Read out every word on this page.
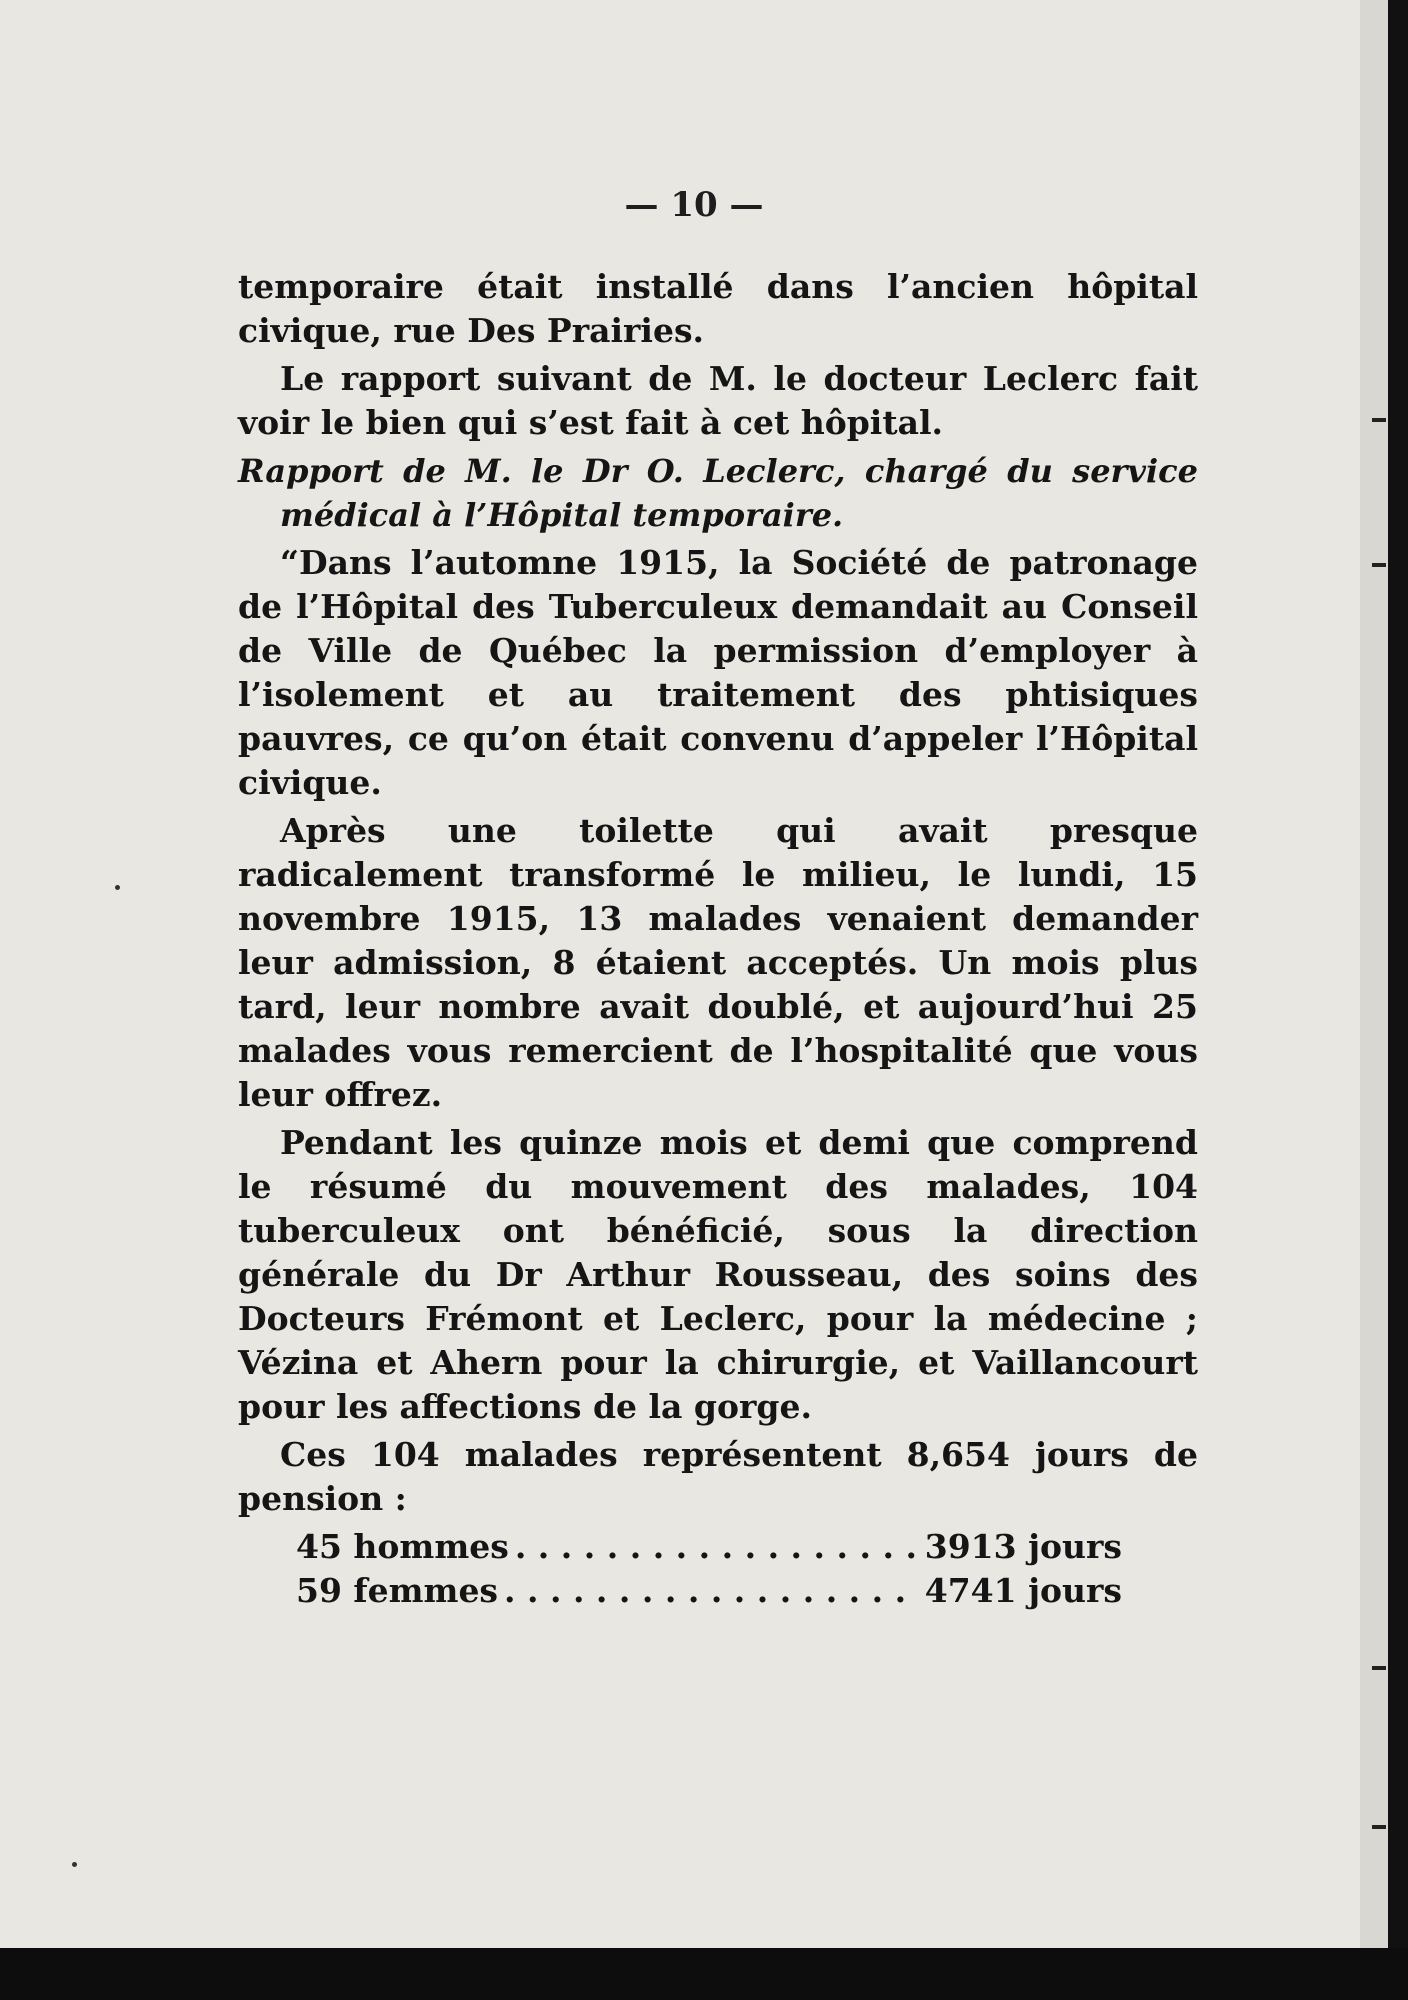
— 10 —

temporaire était installé dans l’ancien hôpital civique, rue Des Prairies.

Le rapport suivant de M. le docteur Leclerc fait voir le bien qui s’est fait à cet hôpital.

Rapport de M. le Dr O. Leclerc, chargé du service médical à l’Hôpital temporaire.

“Dans l’automne 1915, la Société de patronage de l’Hôpital des Tuberculeux demandait au Conseil de Ville de Québec la permission d’employer à l’isolement et au traitement des phtisiques pauvres, ce qu’on était convenu d’appeler l’Hôpital civique.

Après une toilette qui avait presque radicalement transformé le milieu, le lundi, 15 novembre 1915, 13 malades venaient demander leur admission, 8 étaient acceptés. Un mois plus tard, leur nombre avait doublé, et aujourd’hui 25 malades vous remercient de l’hospitalité que vous leur offrez.

Pendant les quinze mois et demi que comprend le résumé du mouvement des malades, 104 tuberculeux ont bénéficié, sous la direction générale du Dr Arthur Rousseau, des soins des Docteurs Frémont et Leclerc, pour la médecine ; Vézina et Ahern pour la chirurgie, et Vaillancourt pour les affections de la gorge.

Ces 104 malades représentent 8,654 jours de pension :

45 hommes . . .	3913 jours
59 femmes . . .	4741 jours
